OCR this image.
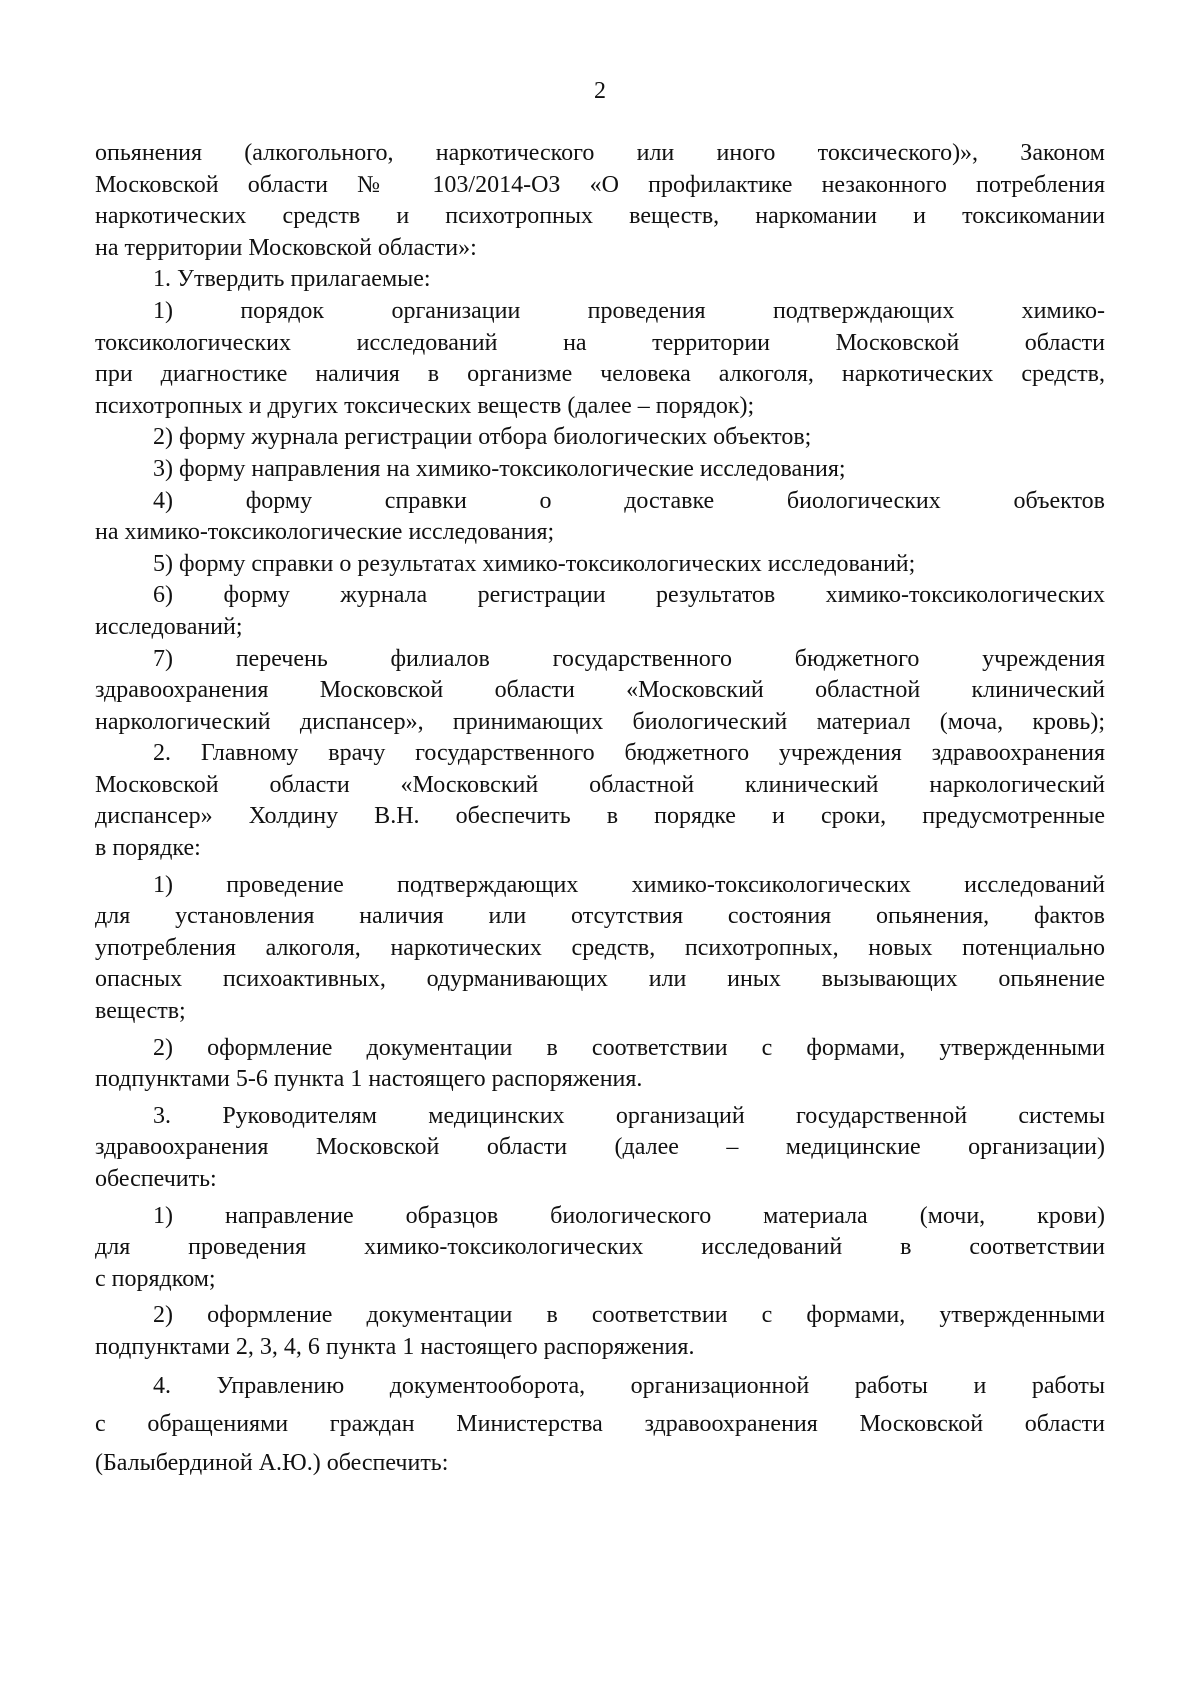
2
опьянения (алкогольного, наркотического или иного токсического)», Законом
Московской области № 103/2014-ОЗ «О профилактике незаконного потребления
наркотических средств и психотропных веществ, наркомании и токсикомании
на территории Московской области»:
1. Утвердить прилагаемые:
1) порядок организации проведения подтверждающих химико-
токсикологических исследований на территории Московской области
при диагностике наличия в организме человека алкоголя, наркотических средств,
психотропных и других токсических веществ (далее – порядок);
2) форму журнала регистрации отбора биологических объектов;
3) форму направления на химико-токсикологические исследования;
4) форму справки о доставке биологических объектов
на химико-токсикологические исследования;
5) форму справки о результатах химико-токсикологических исследований;
6) форму журнала регистрации результатов химико-токсикологических
исследований;
7) перечень филиалов государственного бюджетного учреждения
здравоохранения Московской области «Московский областной клинический
наркологический диспансер», принимающих биологический материал (моча, кровь);
2. Главному врачу государственного бюджетного учреждения здравоохранения
Московской области «Московский областной клинический наркологический
диспансер» Холдину В.Н. обеспечить в порядке и сроки, предусмотренные
в порядке:
1) проведение подтверждающих химико-токсикологических исследований
для установления наличия или отсутствия состояния опьянения, фактов
употребления алкоголя, наркотических средств, психотропных, новых потенциально
опасных психоактивных, одурманивающих или иных вызывающих опьянение
веществ;
2) оформление документации в соответствии с формами, утвержденными
подпунктами 5-6 пункта 1 настоящего распоряжения.
3. Руководителям медицинских организаций государственной системы
здравоохранения Московской области (далее – медицинские организации)
обеспечить:
1) направление образцов биологического материала (мочи, крови)
для проведения химико-токсикологических исследований в соответствии
с порядком;
2) оформление документации в соответствии с формами, утвержденными
подпунктами 2, 3, 4, 6 пункта 1 настоящего распоряжения.
4. Управлению документооборота, организационной работы и работы
с обращениями граждан Министерства здравоохранения Московской области
(Балыбердиной А.Ю.) обеспечить:
